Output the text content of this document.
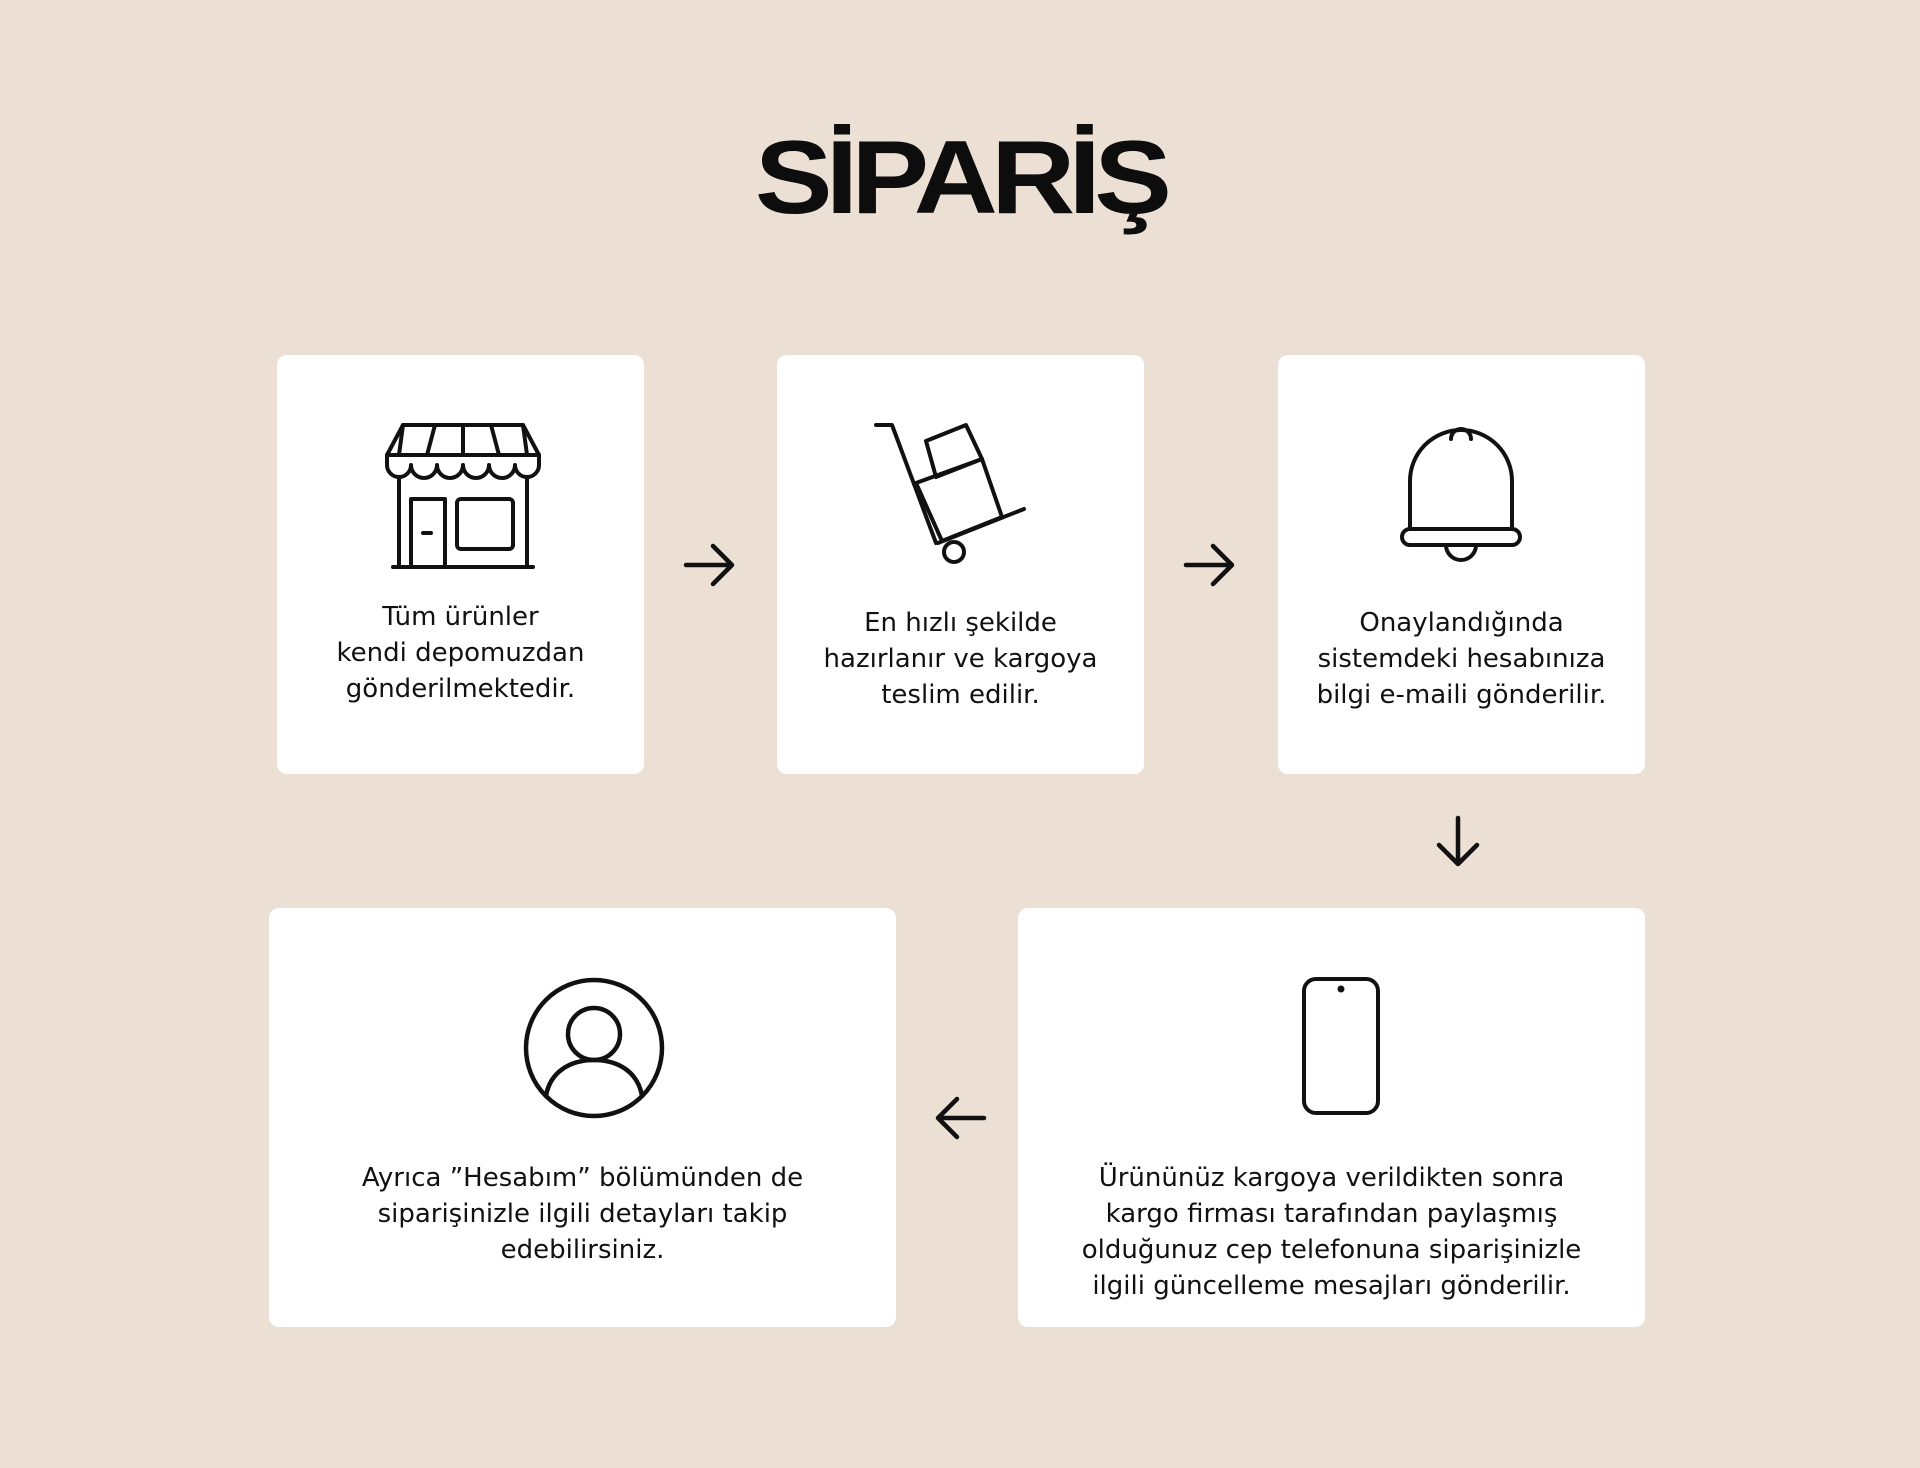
SİPARİŞ
Tüm ürünler
kendi depomuzdan
gönderilmektedir.
En hızlı şekilde
hazırlanır ve kargoya
teslim edilir.
Onaylandığında
sistemdeki hesabınıza
bilgi e-maili gönderilir.
Ürününüz kargoya verildikten sonra
kargo firması tarafından paylaşmış
olduğunuz cep telefonuna siparişinizle
ilgili güncelleme mesajları gönderilir.
Ayrıca ”Hesabım” bölümünden de
siparişinizle ilgili detayları takip
edebilirsiniz.
